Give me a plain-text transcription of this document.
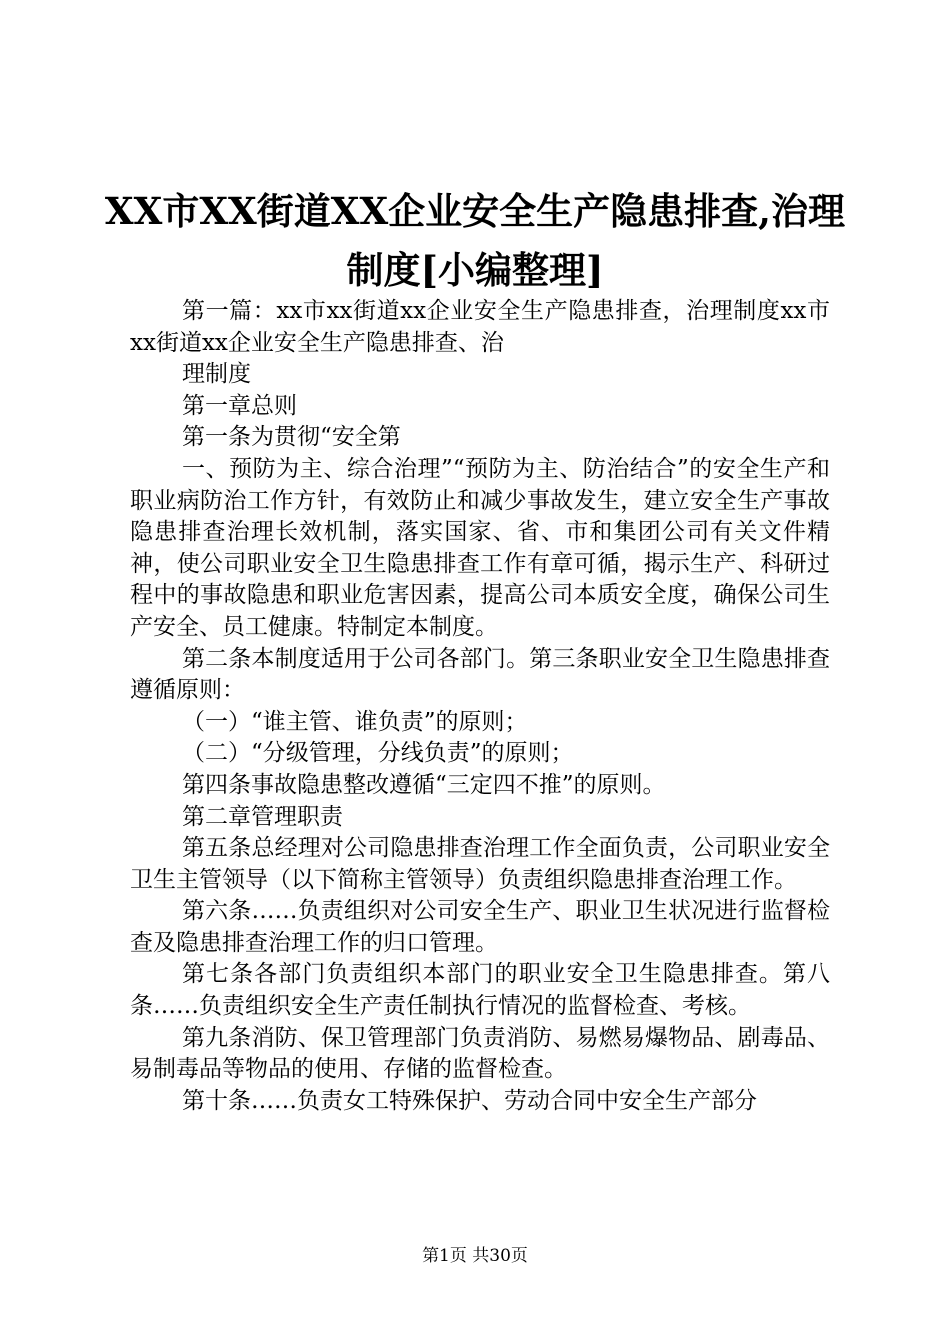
XX市XX街道XX企业安全生产隐患排查,治理
制度[小编整理]

第一篇：xx市xx街道xx企业安全生产隐患排查，治理制度xx市xx街道xx企业安全生产隐患排查、治

理制度

第一章总则

第一条为贯彻“安全第

一、预防为主、综合治理”“预防为主、防治结合”的安全生产和职业病防治工作方针，有效防止和减少事故发生，建立安全生产事故隐患排查治理长效机制，落实国家、省、市和集团公司有关文件精神，使公司职业安全卫生隐患排查工作有章可循，揭示生产、科研过程中的事故隐患和职业危害因素，提高公司本质安全度，确保公司生产安全、员工健康。特制定本制度。

第二条本制度适用于公司各部门。第三条职业安全卫生隐患排查遵循原则：

（一）“谁主管、谁负责”的原则；

（二）“分级管理，分线负责”的原则；

第四条事故隐患整改遵循“三定四不推”的原则。

第二章管理职责

第五条总经理对公司隐患排查治理工作全面负责，公司职业安全卫生主管领导（以下简称主管领导）负责组织隐患排查治理工作。

第六条……负责组织对公司安全生产、职业卫生状况进行监督检查及隐患排查治理工作的归口管理。

第七条各部门负责组织本部门的职业安全卫生隐患排查。第八条……负责组织安全生产责任制执行情况的监督检查、考核。

第九条消防、保卫管理部门负责消防、易燃易爆物品、剧毒品、易制毒品等物品的使用、存储的监督检查。

第十条……负责女工特殊保护、劳动合同中安全生产部分

第1页 共30页
